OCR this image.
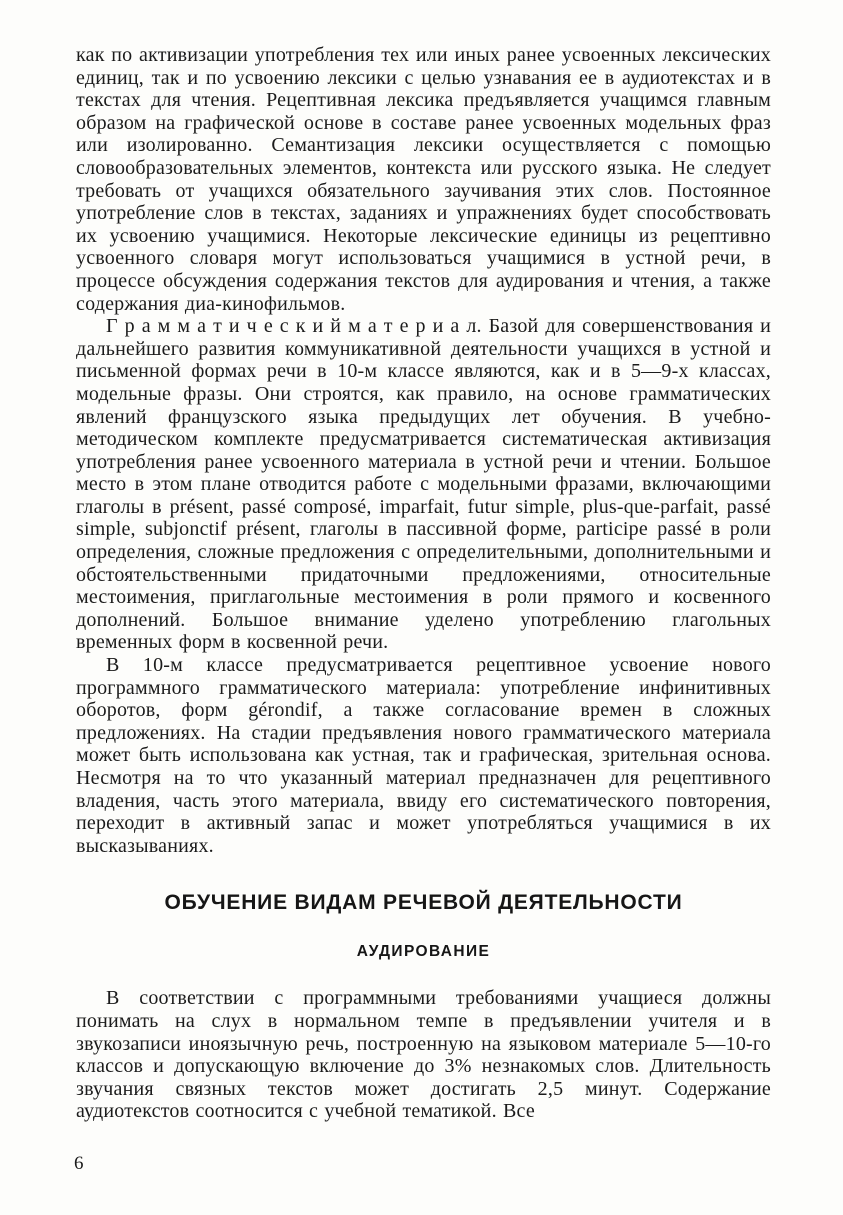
как по активизации употребления тех или иных ранее усвоенных лексических единиц, так и по усвоению лексики с целью узнавания ее в аудиотекстах и в текстах для чтения. Рецептивная лексика предъявляется учащимся главным образом на графической основе в составе ранее усвоенных модельных фраз или изолированно. Семантизация лексики осуществляется с помощью словообразовательных элементов, контекста или русского языка. Не следует требовать от учащихся обязательного заучивания этих слов. Постоянное употребление слов в текстах, заданиях и упражнениях будет способствовать их усвоению учащимися. Некоторые лексические единицы из рецептивно усвоенного словаря могут использоваться учащимися в устной речи, в процессе обсуждения содержания текстов для аудирования и чтения, а также содержания диа-кинофильмов.

Г р а м м а т и ч е с к и й м а т е р и а л. Базой для совершенствования и дальнейшего развития коммуникативной деятельности учащихся в устной и письменной формах речи в 10-м классе являются, как и в 5—9-х классах, модельные фразы. Они строятся, как правило, на основе грамматических явлений французского языка предыдущих лет обучения. В учебно-методическом комплекте предусматривается систематическая активизация употребления ранее усвоенного материала в устной речи и чтении. Большое место в этом плане отводится работе с модельными фразами, включающими глаголы в présent, passé composé, imparfait, futur simple, plus-que-parfait, passé simple, subjonctif présent, глаголы в пассивной форме, participe passé в роли определения, сложные предложения с определительными, дополнительными и обстоятельственными придаточными предложениями, относительные местоимения, приглагольные местоимения в роли прямого и косвенного дополнений. Большое внимание уделено употреблению глагольных временных форм в косвенной речи.

В 10-м классе предусматривается рецептивное усвоение нового программного грамматического материала: употребление инфинитивных оборотов, форм gérondif, а также согласование времен в сложных предложениях. На стадии предъявления нового грамматического материала может быть использована как устная, так и графическая, зрительная основа. Несмотря на то что указанный материал предназначен для рецептивного владения, часть этого материала, ввиду его систематического повторения, переходит в активный запас и может употребляться учащимися в их высказываниях.

ОБУЧЕНИЕ ВИДАМ РЕЧЕВОЙ ДЕЯТЕЛЬНОСТИ
АУДИРОВАНИЕ

В соответствии с программными требованиями учащиеся должны понимать на слух в нормальном темпе в предъявлении учителя и в звукозаписи иноязычную речь, построенную на языковом материале 5—10-го классов и допускающую включение до 3% незнакомых слов. Длительность звучания связных текстов может достигать 2,5 минут. Содержание аудиотекстов соотносится с учебной тематикой. Все

6
